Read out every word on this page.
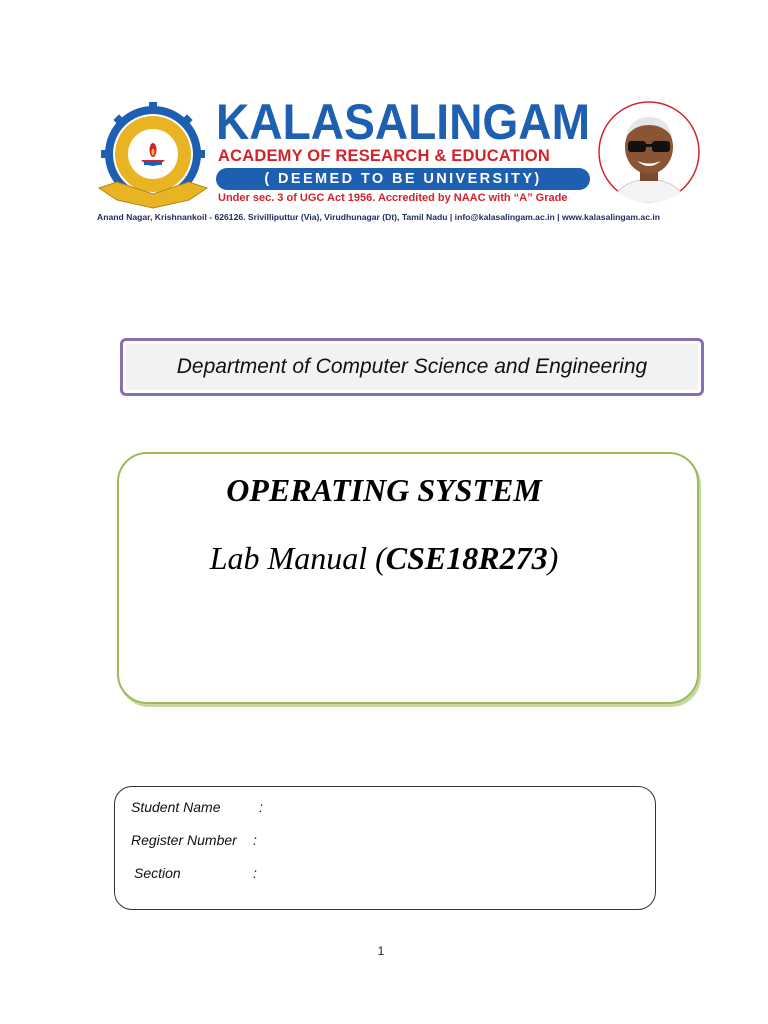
KALASALINGAM
ACADEMY OF RESEARCH & EDUCATION
( DEEMED TO BE UNIVERSITY)
Under sec. 3 of UGC Act 1956. Accredited by NAAC with “A” Grade
Anand Nagar, Krishnankoil - 626126. Srivilliputtur (Via), Virudhunagar (Dt), Tamil Nadu | info@kalasalingam.ac.in | www.kalasalingam.ac.in
Department of Computer Science and Engineering
OPERATING SYSTEM
Lab Manual (CSE18R273)
Student Name	:
Register Number :
Section	:
1
